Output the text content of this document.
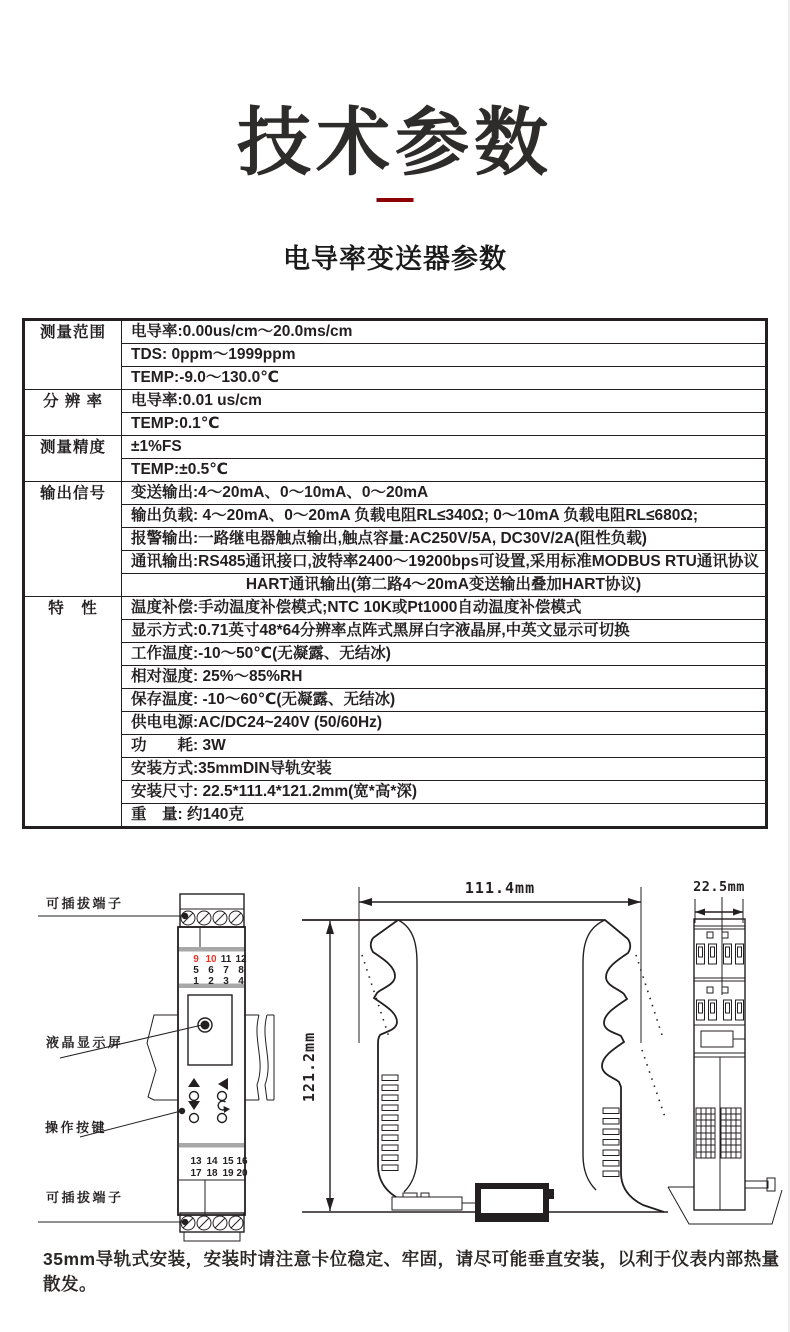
技术参数
电导率变送器参数
测量范围	电导率:0.00us/cm～20.0ms/cm
	TDS: 0ppm～1999ppm
	TEMP:-9.0～130.0℃
分 辨 率	电导率:0.01 us/cm
	TEMP:0.1℃
测量精度	±1%FS
	TEMP:±0.5℃
输出信号	变送输出:4～20mA、0～10mA、0～20mA
	输出负载: 4～20mA、0～20mA 负载电阻RL≤340Ω; 0～10mA 负载电阻RL≤680Ω;
	报警输出:一路继电器触点输出,触点容量:AC250V/5A, DC30V/2A(阻性负载)
	通讯输出:RS485通讯接口,波特率2400～19200bps可设置,采用标准MODBUS RTU通讯协议
	HART通讯输出(第二路4～20mA变送输出叠加HART协议)
特　性	温度补偿:手动温度补偿模式;NTC 10K或Pt1000自动温度补偿模式
	显示方式:0.71英寸48*64分辨率点阵式黑屏白字液晶屏,中英文显示可切换
	工作温度:-10～50℃(无凝露、无结冰)
	相对湿度: 25%～85%RH
	保存温度: -10～60℃(无凝露、无结冰)
	供电电源:AC/DC24~240V (50/60Hz)
	功　　耗: 3W
	安装方式:35mmDIN导轨安装
	安装尺寸: 22.5*111.4*121.2mm(宽*高*深)
	重　量: 约140克
9 10 11 12
5 6 7 8
1 2 3 4
13 14 15 16
17 18 19 20
可插拔端子
液晶显示屏
操作按键
可插拔端子
111.4mm
121.2mm
22.5mm
35mm导轨式安装，安装时请注意卡位稳定、牢固，请尽可能垂直安装，以利于仪表内部热量散发。
